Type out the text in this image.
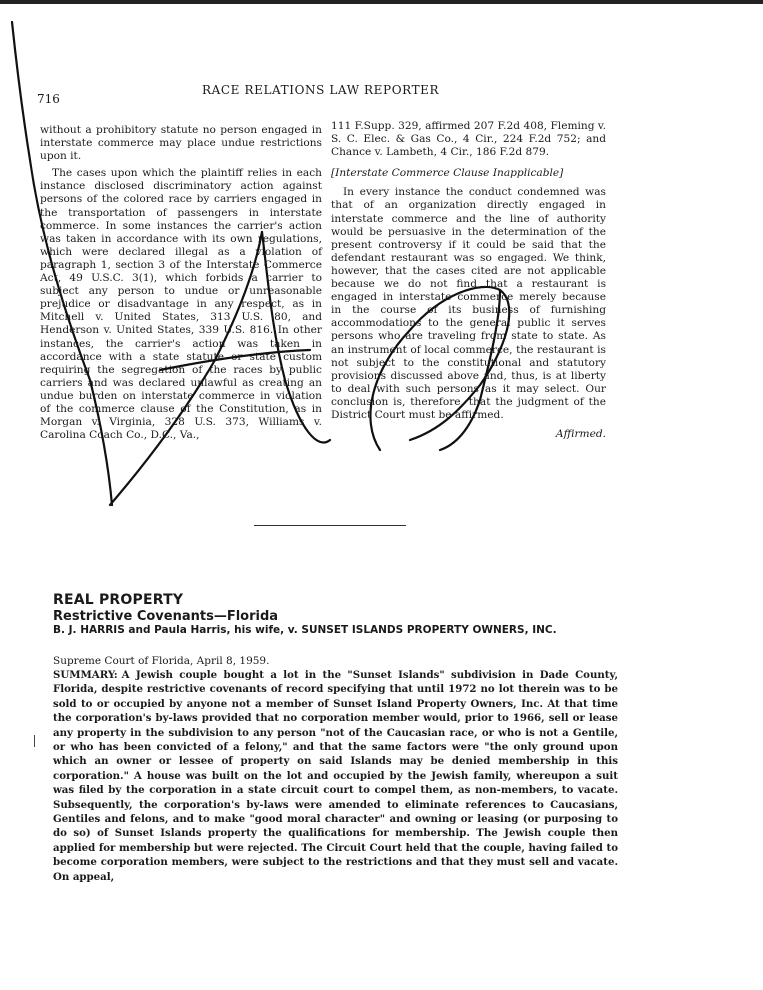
716
RACE RELATIONS LAW REPORTER

without a prohibitory statute no person engaged in interstate commerce may place undue restrictions upon it.

The cases upon which the plaintiff relies in each instance disclosed discriminatory action against persons of the colored race by carriers engaged in the transportation of passengers in interstate commerce. In some instances the carrier's action was taken in accordance with its own regulations, which were declared illegal as a violation of paragraph 1, section 3 of the Interstate Commerce Act, 49 U.S.C. 3(1), which forbids a carrier to subject any person to undue or unreasonable prejudice or disadvantage in any respect, as in Mitchell v. United States, 313 U.S. 80, and Henderson v. United States, 339 U.S. 816. In other instances, the carrier's action was taken in accordance with a state statute or state custom requiring the segregation of the races by public carriers and was declared unlawful as creating an undue burden on interstate commerce in violation of the commerce clause of the Constitution, as in Morgan v. Virginia, 328 U.S. 373, Williams v. Carolina Coach Co., D.C., Va.,

111 F.Supp. 329, affirmed 207 F.2d 408, Fleming v. S. C. Elec. & Gas Co., 4 Cir., 224 F.2d 752; and Chance v. Lambeth, 4 Cir., 186 F.2d 879.

[Interstate Commerce Clause Inapplicable]

In every instance the conduct condemned was that of an organization directly engaged in interstate commerce and the line of authority would be persuasive in the determination of the present controversy if it could be said that the defendant restaurant was so engaged. We think, however, that the cases cited are not applicable because we do not find that a restaurant is engaged in interstate commerce merely because in the course of its business of furnishing accommodations to the general public it serves persons who are traveling from state to state. As an instrument of local commerce, the restaurant is not subject to the constitutional and statutory provisions discussed above and, thus, is at liberty to deal with such persons as it may select. Our conclusion is, therefore, that the judgment of the District Court must be affirmed.

Affirmed.

REAL PROPERTY
Restrictive Covenants—Florida
B. J. HARRIS and Paula Harris, his wife, v. SUNSET ISLANDS PROPERTY OWNERS, INC.
Supreme Court of Florida, April 8, 1959.
SUMMARY: A Jewish couple bought a lot in the "Sunset Islands" subdivision in Dade County, Florida, despite restrictive covenants of record specifying that until 1972 no lot therein was to be sold to or occupied by anyone not a member of Sunset Island Property Owners, Inc. At that time the corporation's by-laws provided that no corporation member would, prior to 1966, sell or lease any property in the subdivision to any person "not of the Caucasian race, or who is not a Gentile, or who has been convicted of a felony," and that the same factors were "the only ground upon which an owner or lessee of property on said Islands may be denied membership in this corporation." A house was built on the lot and occupied by the Jewish family, whereupon a suit was filed by the corporation in a state circuit court to compel them, as non-members, to vacate. Subsequently, the corporation's by-laws were amended to eliminate references to Caucasians, Gentiles and felons, and to make "good moral character" and owning or leasing (or purposing to do so) of Sunset Islands property the qualifications for membership. The Jewish couple then applied for membership but were rejected. The Circuit Court held that the couple, having failed to become corporation members, were subject to the restrictions and that they must sell and vacate. On appeal,
